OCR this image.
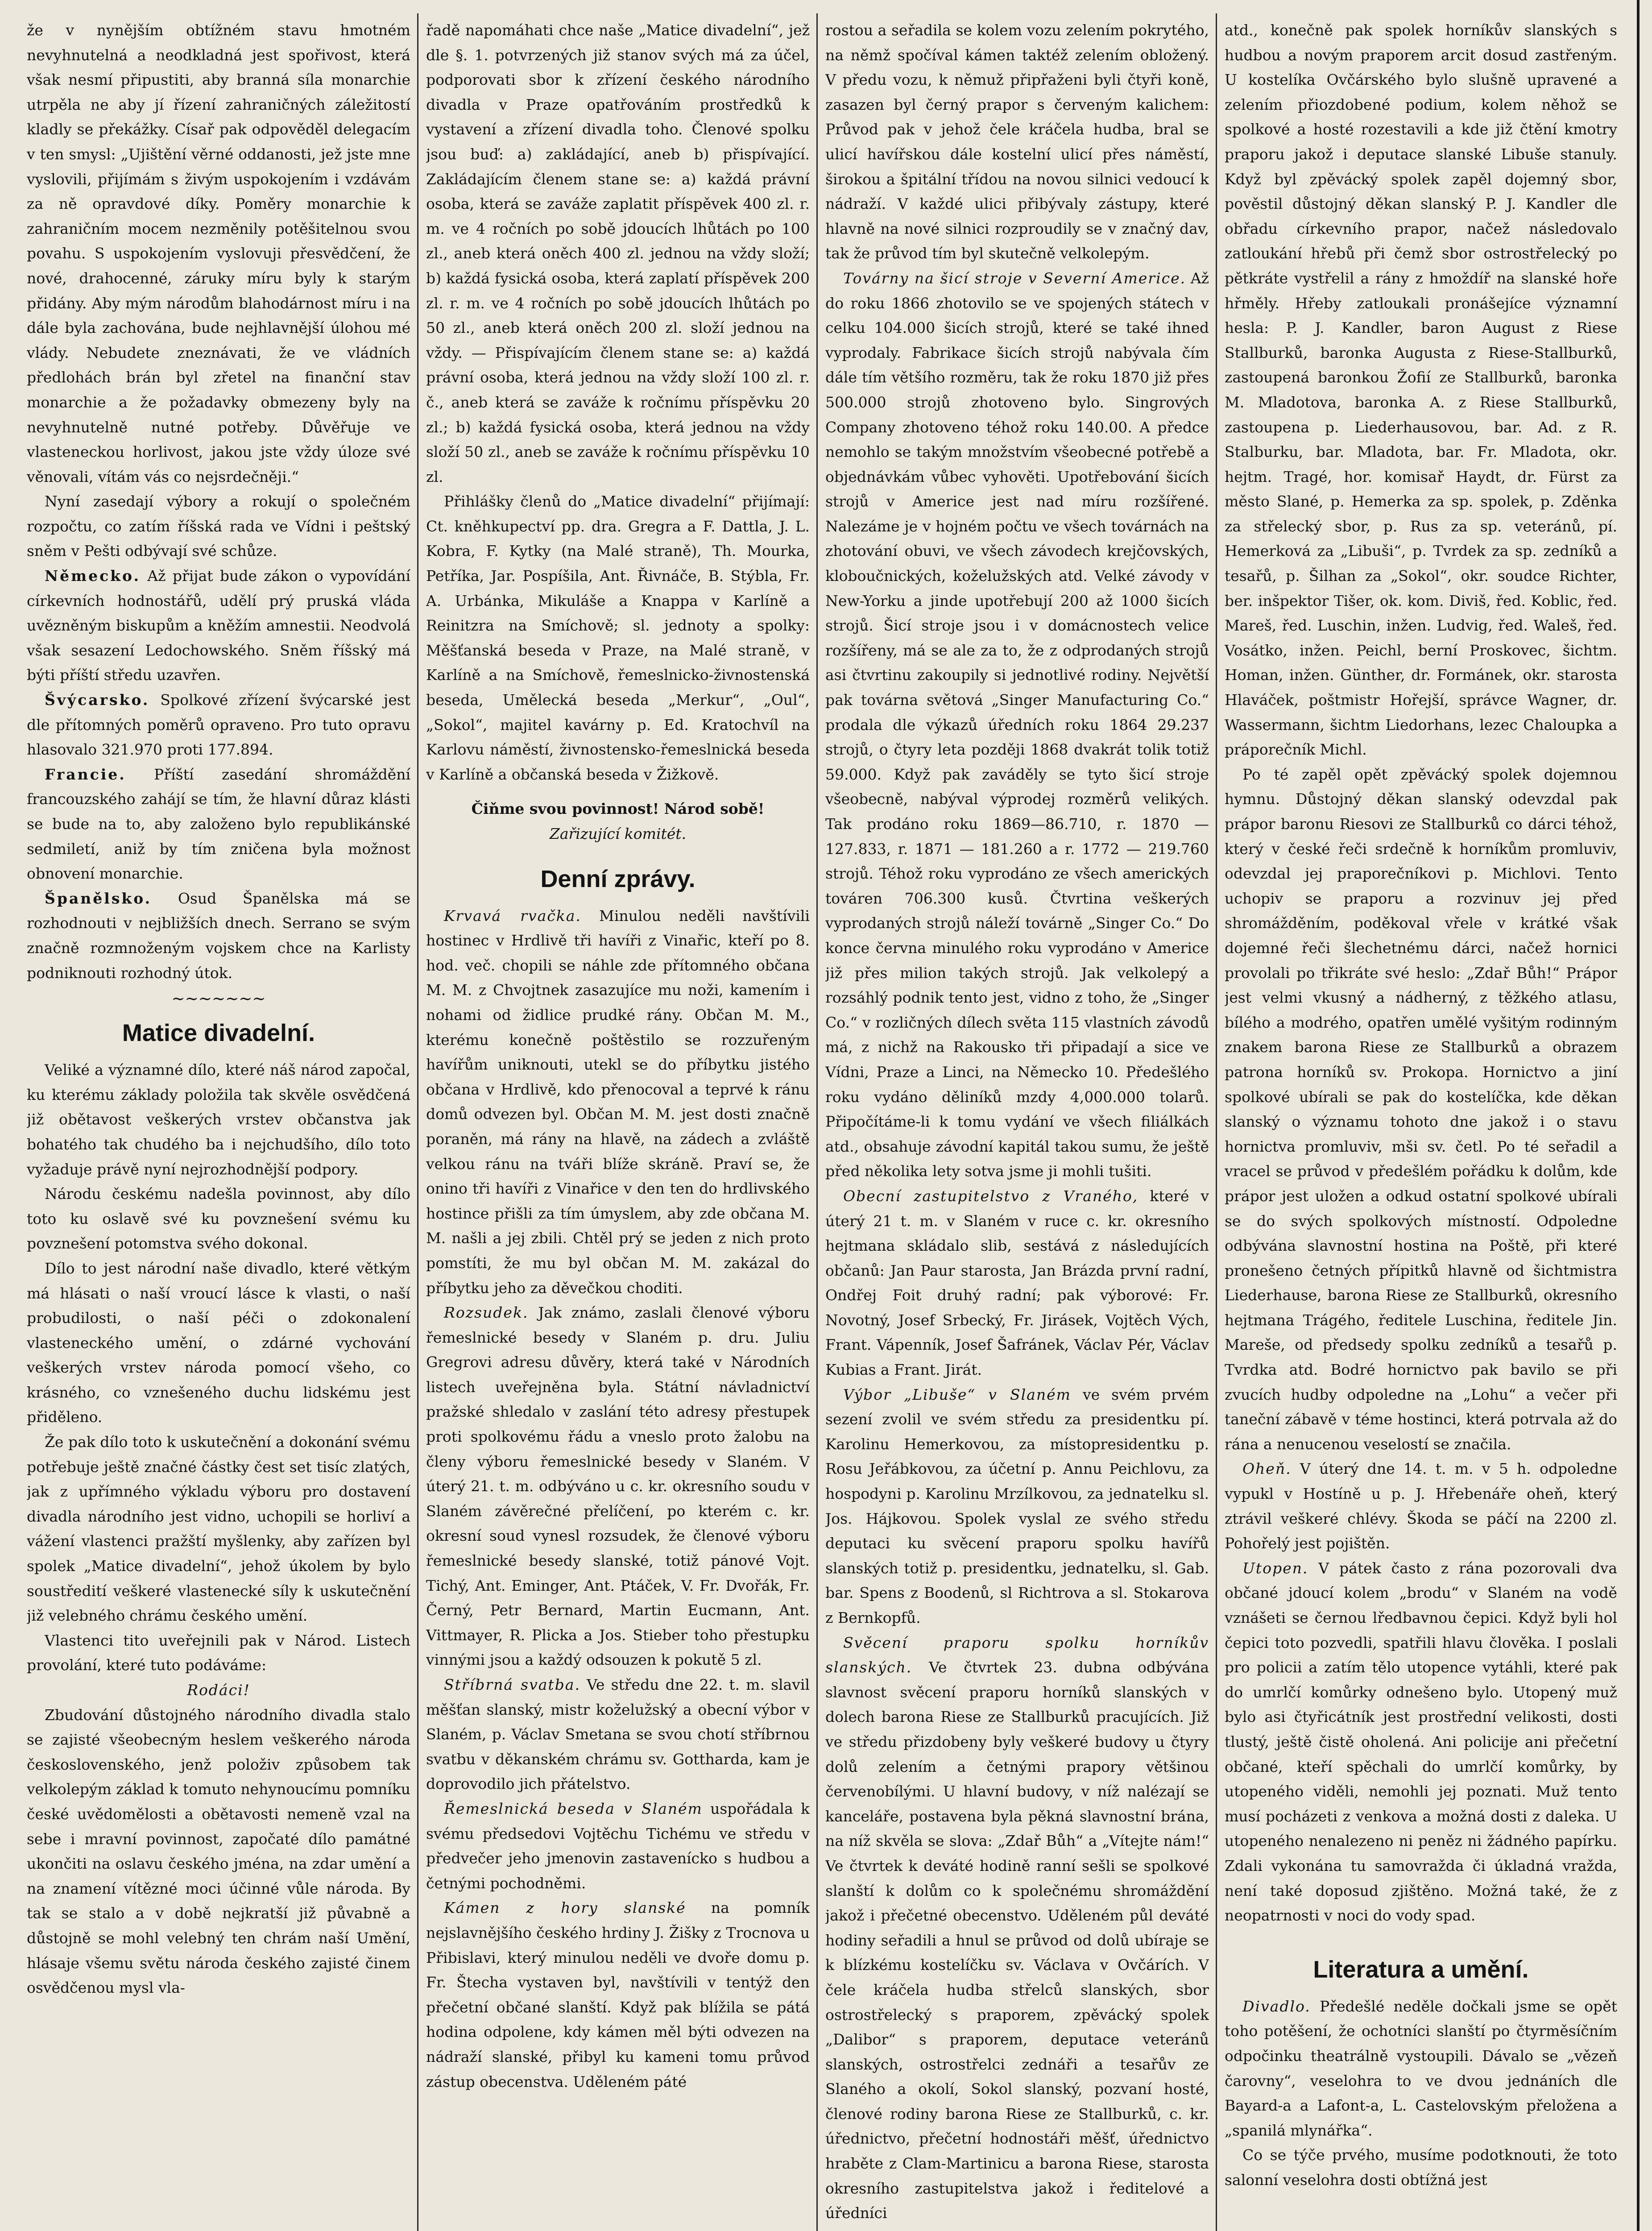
že v nynějším obtížném stavu hmotném nevyhnutelná a neodkladná jest spořivost, která však nesmí připustiti, aby branná síla monarchie utrpěla ne aby jí řízení zahraničných záležitostí kladly se překážky. Císař pak odpověděl delegacím v ten smysl: „Ujištění věrné oddanosti, jež jste mne vyslovili, přijímám s živým uspokojením i vzdávám za ně opravdové díky. Poměry monarchie k zahraničním mocem nezměnily potěšitelnou svou povahu. S uspokojením vyslovuji přesvědčení, že nové, drahocenné, záruky míru byly k starým přidány. Aby mým národům blahodárnost míru i na dále byla zachována, bude nejhlavnější úlohou mé vlády. Nebudete zneznávati, že ve vládních předlohách brán byl zřetel na finanční stav monarchie a že požadavky obmezeny byly na nevyhnutelně nutné potřeby. Důvěřuje ve vlasteneckou horlivost, jakou jste vždy úloze své věnovali, vítám vás co nejsrdečněji.“

Nyní zasedají výbory a rokují o společném rozpočtu, co zatím říšská rada ve Vídni i peštský sněm v Pešti odbývají své schůze.

Německo. Až přijat bude zákon o vypovídání církevních hodnostářů, udělí prý pruská vláda uvězněným biskupům a kněžím amnestii. Neodvolá však sesazení Ledochowského. Sněm říšský má býti příští středu uzavřen.

Švýcarsko. Spolkové zřízení švýcarské jest dle přítomných poměrů opraveno. Pro tuto opravu hlasovalo 321.970 proti 177.894.

Francie. Příští zasedání shromáždění francouzského zahájí se tím, že hlavní důraz klásti se bude na to, aby založeno bylo republikánské sedmiletí, aniž by tím zničena byla možnost obnovení monarchie.

Španělsko. Osud Španělska má se rozhodnouti v nejbližších dnech. Serrano se svým značně rozmnoženým vojskem chce na Karlisty podniknouti rozhodný útok.

~~~~~~~
Matice divadelní.

Veliké a významné dílo, které náš národ započal, ku kterému základy položila tak skvěle osvědčená již obětavost veškerých vrstev občanstva jak bohatého tak chudého ba i nejchudšího, dílo toto vyžaduje právě nyní nejrozhodnější podpory.

Národu českému nadešla povinnost, aby dílo toto ku oslavě své ku povznešení svému ku povznešení potomstva svého dokonal.

Dílo to jest národní naše divadlo, které větkým má hlásati o naší vroucí lásce k vlasti, o naší probudilosti, o naší péči o zdokonalení vlasteneckého umění, o zdárné vychování veškerých vrstev národa pomocí všeho, co krásného, co vznešeného duchu lidskému jest přiděleno.

Že pak dílo toto k uskutečnění a dokonání svému potřebuje ještě značné částky čest set tisíc zlatých, jak z upřímného výkladu výboru pro dostavení divadla národního jest vidno, uchopili se horliví a vážení vlastenci pražští myšlenky, aby zařízen byl spolek „Matice divadelní“, jehož úkolem by bylo soustředití veškeré vlastenecké síly k uskutečnění již velebného chrámu českého umění.

Vlastenci tito uveřejnili pak v Národ. Listech provolání, které tuto podáváme:

Rodáci!

Zbudování důstojného národního divadla stalo se zajisté všeobecným heslem veškerého národa československého, jenž položiv způsobem tak velkolepým základ k tomuto nehynoucímu pomníku české uvědomělosti a obětavosti nemeně vzal na sebe i mravní povinnost, započaté dílo památné ukončiti na oslavu českého jména, na zdar umění a na znamení vítězné moci účinné vůle národa. By tak se stalo a v době nejkratší již půvabně a důstojně se mohl velebný ten chrám naší Umění, hlásaje všemu světu národa českého zajisté činem osvědčenou mysl vla-

řadě napomáhati chce naše „Matice divadelní“, jež dle §. 1. potvrzených již stanov svých má za účel, podporovati sbor k zřízení českého národního divadla v Praze opatřováním prostředků k vystavení a zřízení divadla toho. Členové spolku jsou buď: a) zakládající, aneb b) přispívající. Zakládajícím členem stane se: a) každá právní osoba, která se zaváže zaplatit příspěvek 400 zl. r. m. ve 4 ročních po sobě jdoucích lhůtách po 100 zl., aneb která oněch 400 zl. jednou na vždy složí; b) každá fysická osoba, která zaplatí příspěvek 200 zl. r. m. ve 4 ročních po sobě jdoucích lhůtách po 50 zl., aneb která oněch 200 zl. složí jednou na vždy. — Přispívajícím členem stane se: a) každá právní osoba, která jednou na vždy složí 100 zl. r. č., aneb která se zaváže k ročnímu příspěvku 20 zl.; b) každá fysická osoba, která jednou na vždy složí 50 zl., aneb se zaváže k ročnímu příspěvku 10 zl.

Přihlášky členů do „Matice divadelní“ přijímají: Ct. kněhkupectví pp. dra. Gregra a F. Dattla, J. L. Kobra, F. Kytky (na Malé straně), Th. Mourka, Petříka, Jar. Pospíšila, Ant. Řivnáče, B. Stýbla, Fr. A. Urbánka, Mikuláše a Knappa v Karlíně a Reinitzra na Smíchově; sl. jednoty a spolky: Měšťanská beseda v Praze, na Malé straně, v Karlíně a na Smíchově, řemeslnicko-živnostenská beseda, Umělecká beseda „Merkur“, „Oul“, „Sokol“, majitel kavárny p. Ed. Kratochvíl na Karlovu náměstí, živnostensko-řemeslnická beseda v Karlíně a občanská beseda v Žižkově.

Čiňme svou povinnost! Národ sobě!

Zařizující komitét.

Denní zprávy.

Krvavá rvačka. Minulou neděli navštívili hostinec v Hrdlivě tři havíři z Vinařic, kteří po 8. hod. več. chopili se náhle zde přítomného občana M. M. z Chvojtnek zasazujíce mu noži, kamením i nohami od židlice prudké rány. Občan M. M., kterému konečně poštěstilo se rozzuřeným havířům uniknouti, utekl se do příbytku jistého občana v Hrdlivě, kdo přenocoval a teprvé k ránu domů odvezen byl. Občan M. M. jest dosti značně poraněn, má rány na hlavě, na zádech a zvláště velkou ránu na tváři blíže skráně. Praví se, že onino tři havíři z Vinařice v den ten do hrdlivského hostince přišli za tím úmyslem, aby zde občana M. M. našli a jej zbili. Chtěl prý se jeden z nich proto pomstíti, že mu byl občan M. M. zakázal do příbytku jeho za děvečkou choditi.

Rozsudek. Jak známo, zaslali členové výboru řemeslnické besedy v Slaném p. dru. Juliu Gregrovi adresu důvěry, která také v Národních listech uveřejněna byla. Státní návladnictví pražské shledalo v zaslání této adresy přestupek proti spolkovému řádu a vneslo proto žalobu na členy výboru řemeslnické besedy v Slaném. V úterý 21. t. m. odbýváno u c. kr. okresního soudu v Slaném závěrečné přelíčení, po kterém c. kr. okresní soud vynesl rozsudek, že členové výboru řemeslnické besedy slanské, totiž pánové Vojt. Tichý, Ant. Eminger, Ant. Ptáček, V. Fr. Dvořák, Fr. Černý, Petr Bernard, Martin Eucmann, Ant. Vittmayer, R. Plicka a Jos. Stieber toho přestupku vinnými jsou a každý odsouzen k pokutě 5 zl.

Stříbrná svatba. Ve středu dne 22. t. m. slavil měšťan slanský, mistr koželužský a obecní výbor v Slaném, p. Václav Smetana se svou chotí stříbrnou svatbu v děkanském chrámu sv. Gottharda, kam je doprovodilo jich přátelstvo.

Řemeslnická beseda v Slaném uspořádala k svému předsedovi Vojtěchu Tichému ve středu v předvečer jeho jmenovin zastavenícko s hudbou a četnými pochodněmi.

Kámen z hory slanské na pomník nejslavnějšího českého hrdiny J. Žišky z Trocnova u Přibislavi, který minulou neděli ve dvoře domu p. Fr. Štecha vystaven byl, navštívili v tentýž den přečetní občané slanští. Když pak blížila se pátá hodina odpolene, kdy kámen měl býti odvezen na nádraží slanské, přibyl ku kameni tomu průvod zástup obecenstva. Uděleném páté

rostou a seřadila se kolem vozu zelením pokrytého, na němž spočíval kámen taktéž zelením obložený. V předu vozu, k němuž připřaženi byli čtyři koně, zasazen byl černý prapor s červeným kalichem: Průvod pak v jehož čele kráčela hudba, bral se ulicí havířskou dále kostelní ulicí přes náměstí, širokou a špitální třídou na novou silnici vedoucí k nádraží. V každé ulici přibývaly zástupy, které hlavně na nové silnici rozproudily se v značný dav, tak že průvod tím byl skutečně velkolepým.

Továrny na šicí stroje v Severní Americe. Až do roku 1866 zhotovilo se ve spojených státech v celku 104.000 šicích strojů, které se také ihned vyprodaly. Fabrikace šicích strojů nabývala čím dále tím většího rozměru, tak že roku 1870 již přes 500.000 strojů zhotoveno bylo. Singrových Company zhotoveno téhož roku 140.00. A předce nemohlo se takým množstvím všeobecné potřebě a objednávkám vůbec vyhověti. Upotřebování šicích strojů v Americe jest nad míru rozšířené. Nalezáme je v hojném počtu ve všech továrnách na zhotování obuvi, ve všech závodech krejčovských, kloboučnických, koželužských atd. Velké závody v New-Yorku a jinde upotřebují 200 až 1000 šicích strojů. Šicí stroje jsou i v domácnostech velice rozšířeny, má se ale za to, že z odprodaných strojů asi čtvrtinu zakoupily si jednotlivé rodiny. Největší pak továrna světová „Singer Manufacturing Co.“ prodala dle výkazů úředních roku 1864 29.237 strojů, o čtyry leta později 1868 dvakrát tolik totiž 59.000. Když pak zaváděly se tyto šicí stroje všeobecně, nabýval výprodej rozměrů velikých. Tak prodáno roku 1869—86.710, r. 1870 — 127.833, r. 1871 — 181.260 a r. 1772 — 219.760 strojů. Téhož roku vyprodáno ze všech amerických továren 706.300 kusů. Čtvrtina veškerých vyprodaných strojů náleží továrně „Singer Co.“ Do konce června minulého roku vyprodáno v Americe již přes milion takých strojů. Jak velkolepý a rozsáhlý podnik tento jest, vidno z toho, že „Singer Co.“ v rozličných dílech světa 115 vlastních závodů má, z nichž na Rakousko tři připadají a sice ve Vídni, Praze a Linci, na Německo 10. Předešlého roku vydáno děliníků mzdy 4,000.000 tolarů. Připočítáme-li k tomu vydání ve všech filiálkách atd., obsahuje závodní kapitál takou sumu, že ještě před několika lety sotva jsme ji mohli tušiti.

Obecní zastupitelstvo z Vraného, které v úterý 21 t. m. v Slaném v ruce c. kr. okresního hejtmana skládalo slib, sestává z následujících občanů: Jan Paur starosta, Jan Brázda první radní, Ondřej Foit druhý radní; pak výborové: Fr. Novotný, Josef Srbecký, Fr. Jirásek, Vojtěch Vých, Frant. Vápenník, Josef Šafránek, Václav Pér, Václav Kubias a Frant. Jirát.

Výbor „Libuše“ v Slaném ve svém prvém sezení zvolil ve svém středu za presidentku pí. Karolinu Hemerkovou, za místopresidentku p. Rosu Jeřábkovou, za účetní p. Annu Peichlovu, za hospodyni p. Karolinu Mrzílkovou, za jednatelku sl. Jos. Hájkovou. Spolek vyslal ze svého středu deputaci ku svěcení praporu spolku havířů slanských totiž p. presidentku, jednatelku, sl. Gab. bar. Spens z Boodenů, sl Richtrova a sl. Stokarova z Bernkopfů.

Svěcení praporu spolku horníkův slanských. Ve čtvrtek 23. dubna odbývána slavnost svěcení praporu horníků slanských v dolech barona Riese ze Stallburků pracujících. Již ve středu přizdobeny byly veškeré budovy u čtyry dolů zelením a četnými prapory většinou červenobílými. U hlavní budovy, v níž nalézají se kanceláře, postavena byla pěkná slavnostní brána, na níž skvěla se slova: „Zdař Bůh“ a „Vítejte nám!“ Ve čtvrtek k deváté hodině ranní sešli se spolkové slanští k dolům co k společnému shromáždění jakož i přečetné obecenstvo. Uděleném půl deváté hodiny seřadili a hnul se průvod od dolů ubíraje se k blízkému kostelíčku sv. Václava v Ovčárích. V čele kráčela hudba střelců slanských, sbor ostrostřelecký s praporem, zpěvácký spolek „Dalibor“ s praporem, deputace veteránů slanských, ostrostřelci zednáři a tesařův ze Slaného a okolí, Sokol slanský, pozvaní hosté, členové rodiny barona Riese ze Stallburků, c. kr. úřednictvo, přečetní hodnostáři měšť, úřednictvo hraběte z Clam-Martinicu a barona Riese, starosta okresního zastupitelstva jakož i ředitelové a úředníci

atd., konečně pak spolek horníkův slanských s hudbou a novým praporem arcit dosud zastřeným. U kostelíka Ovčárského bylo slušně upravené a zelením přiozdobené podium, kolem něhož se spolkové a hosté rozestavili a kde již čtění kmotry praporu jakož i deputace slanské Libuše stanuly. Když byl zpěvácký spolek zapěl dojemný sbor, pověstil důstojný děkan slanský P. J. Kandler dle obřadu církevního prapor, načež následovalo zatloukání hřebů při čemž sbor ostrostřelecký po pětkráte vystřelil a rány z hmoždíř na slanské hoře hřměly. Hřeby zatloukali pronášejíce významní hesla: P. J. Kandler, baron August z Riese Stallburků, baronka Augusta z Riese-Stallburků, zastoupená baronkou Žofií ze Stallburků, baronka M. Mladotova, baronka A. z Riese Stallburků, zastoupena p. Liederhausovou, bar. Ad. z R. Stalburku, bar. Mladota, bar. Fr. Mladota, okr. hejtm. Tragé, hor. komisař Haydt, dr. Fürst za město Slané, p. Hemerka za sp. spolek, p. Zděnka za střelecký sbor, p. Rus za sp. veteránů, pí. Hemerková za „Libuši“, p. Tvrdek za sp. zedníků a tesařů, p. Šilhan za „Sokol“, okr. soudce Richter, ber. inšpektor Tišer, ok. kom. Diviš, řed. Koblic, řed. Mareš, řed. Luschin, inžen. Ludvig, řed. Waleš, řed. Vosátko, inžen. Peichl, berní Proskovec, šichtm. Homan, inžen. Günther, dr. Formánek, okr. starosta Hlaváček, poštmistr Hořejší, správce Wagner, dr. Wassermann, šichtm Liedorhans, lezec Chaloupka a práporečník Michl.

Po té zapěl opět zpěvácký spolek dojemnou hymnu. Důstojný děkan slanský odevzdal pak prápor baronu Riesovi ze Stallburků co dárci téhož, který v české řeči srdečně k horníkům promluviv, odevzdal jej praporečníkovi p. Michlovi. Tento uchopiv se praporu a rozvinuv jej před shromážděním, poděkoval vřele v krátké však dojemné řeči šlechetnému dárci, načež hornici provolali po třikráte své heslo: „Zdař Bůh!“ Prápor jest velmi vkusný a nádherný, z těžkého atlasu, bílého a modrého, opatřen umělé vyšitým rodinným znakem barona Riese ze Stallburků a obrazem patrona horníků sv. Prokopa. Hornictvo a jiní spolkové ubírali se pak do kostelíčka, kde děkan slanský o významu tohoto dne jakož i o stavu hornictva promluviv, mši sv. četl. Po té seřadil a vracel se průvod v předešlém pořádku k dolům, kde prápor jest uložen a odkud ostatní spolkové ubírali se do svých spolkových místností. Odpoledne odbývána slavnostní hostina na Poště, při které pronešeno četných přípitků hlavně od šichtmistra Liederhause, barona Riese ze Stallburků, okresního hejtmana Trágého, ředitele Luschina, ředitele Jin. Mareše, od předsedy spolku zedníků a tesařů p. Tvrdka atd. Bodré hornictvo pak bavilo se při zvucích hudby odpoledne na „Lohu“ a večer při taneční zábavě v téme hostinci, která potrvala až do rána a nenucenou veselostí se značila.

Oheň. V úterý dne 14. t. m. v 5 h. odpoledne vypukl v Hostíně u p. J. Hřebenáře oheň, který ztrávil veškeré chlévy. Škoda se páčí na 2200 zl. Pohořelý jest pojištěn.

Utopen. V pátek často z rána pozorovali dva občané jdoucí kolem „brodu“ v Slaném na vodě vznášeti se černou lředbavnou čepici. Když byli hol čepici toto pozvedli, spatřili hlavu člověka. I poslali pro policii a zatím tělo utopence vytáhli, které pak do umrlčí komůrky odnešeno bylo. Utopený muž bylo asi čtyřicátník jest prostřední velikosti, dosti tlustý, ještě čistě oholená. Ani policije ani přečetní občané, kteří spěchali do umrlčí komůrky, by utopeného viděli, nemohli jej poznati. Muž tento musí pocházeti z venkova a možná dosti z daleka. U utopeného nenalezeno ni peněz ni žádného papírku. Zdali vykonána tu samovražda či úkladná vražda, není také doposud zjištěno. Možná také, že z neopatrnosti v noci do vody spad.

Literatura a umění.

Divadlo. Předešlé neděle dočkali jsme se opět toho potěšení, že ochotníci slanští po čtyrměsíčním odpočinku theatrálně vystoupili. Dávalo se „vězeň čarovny“, veselohra to ve dvou jednáních dle Bayard-a a Lafont-a, L. Castelovským přeložena a „spanilá mlynářka“.

Co se týče prvého, musíme podotknouti, že toto salonní veselohra dosti obtížná jest
